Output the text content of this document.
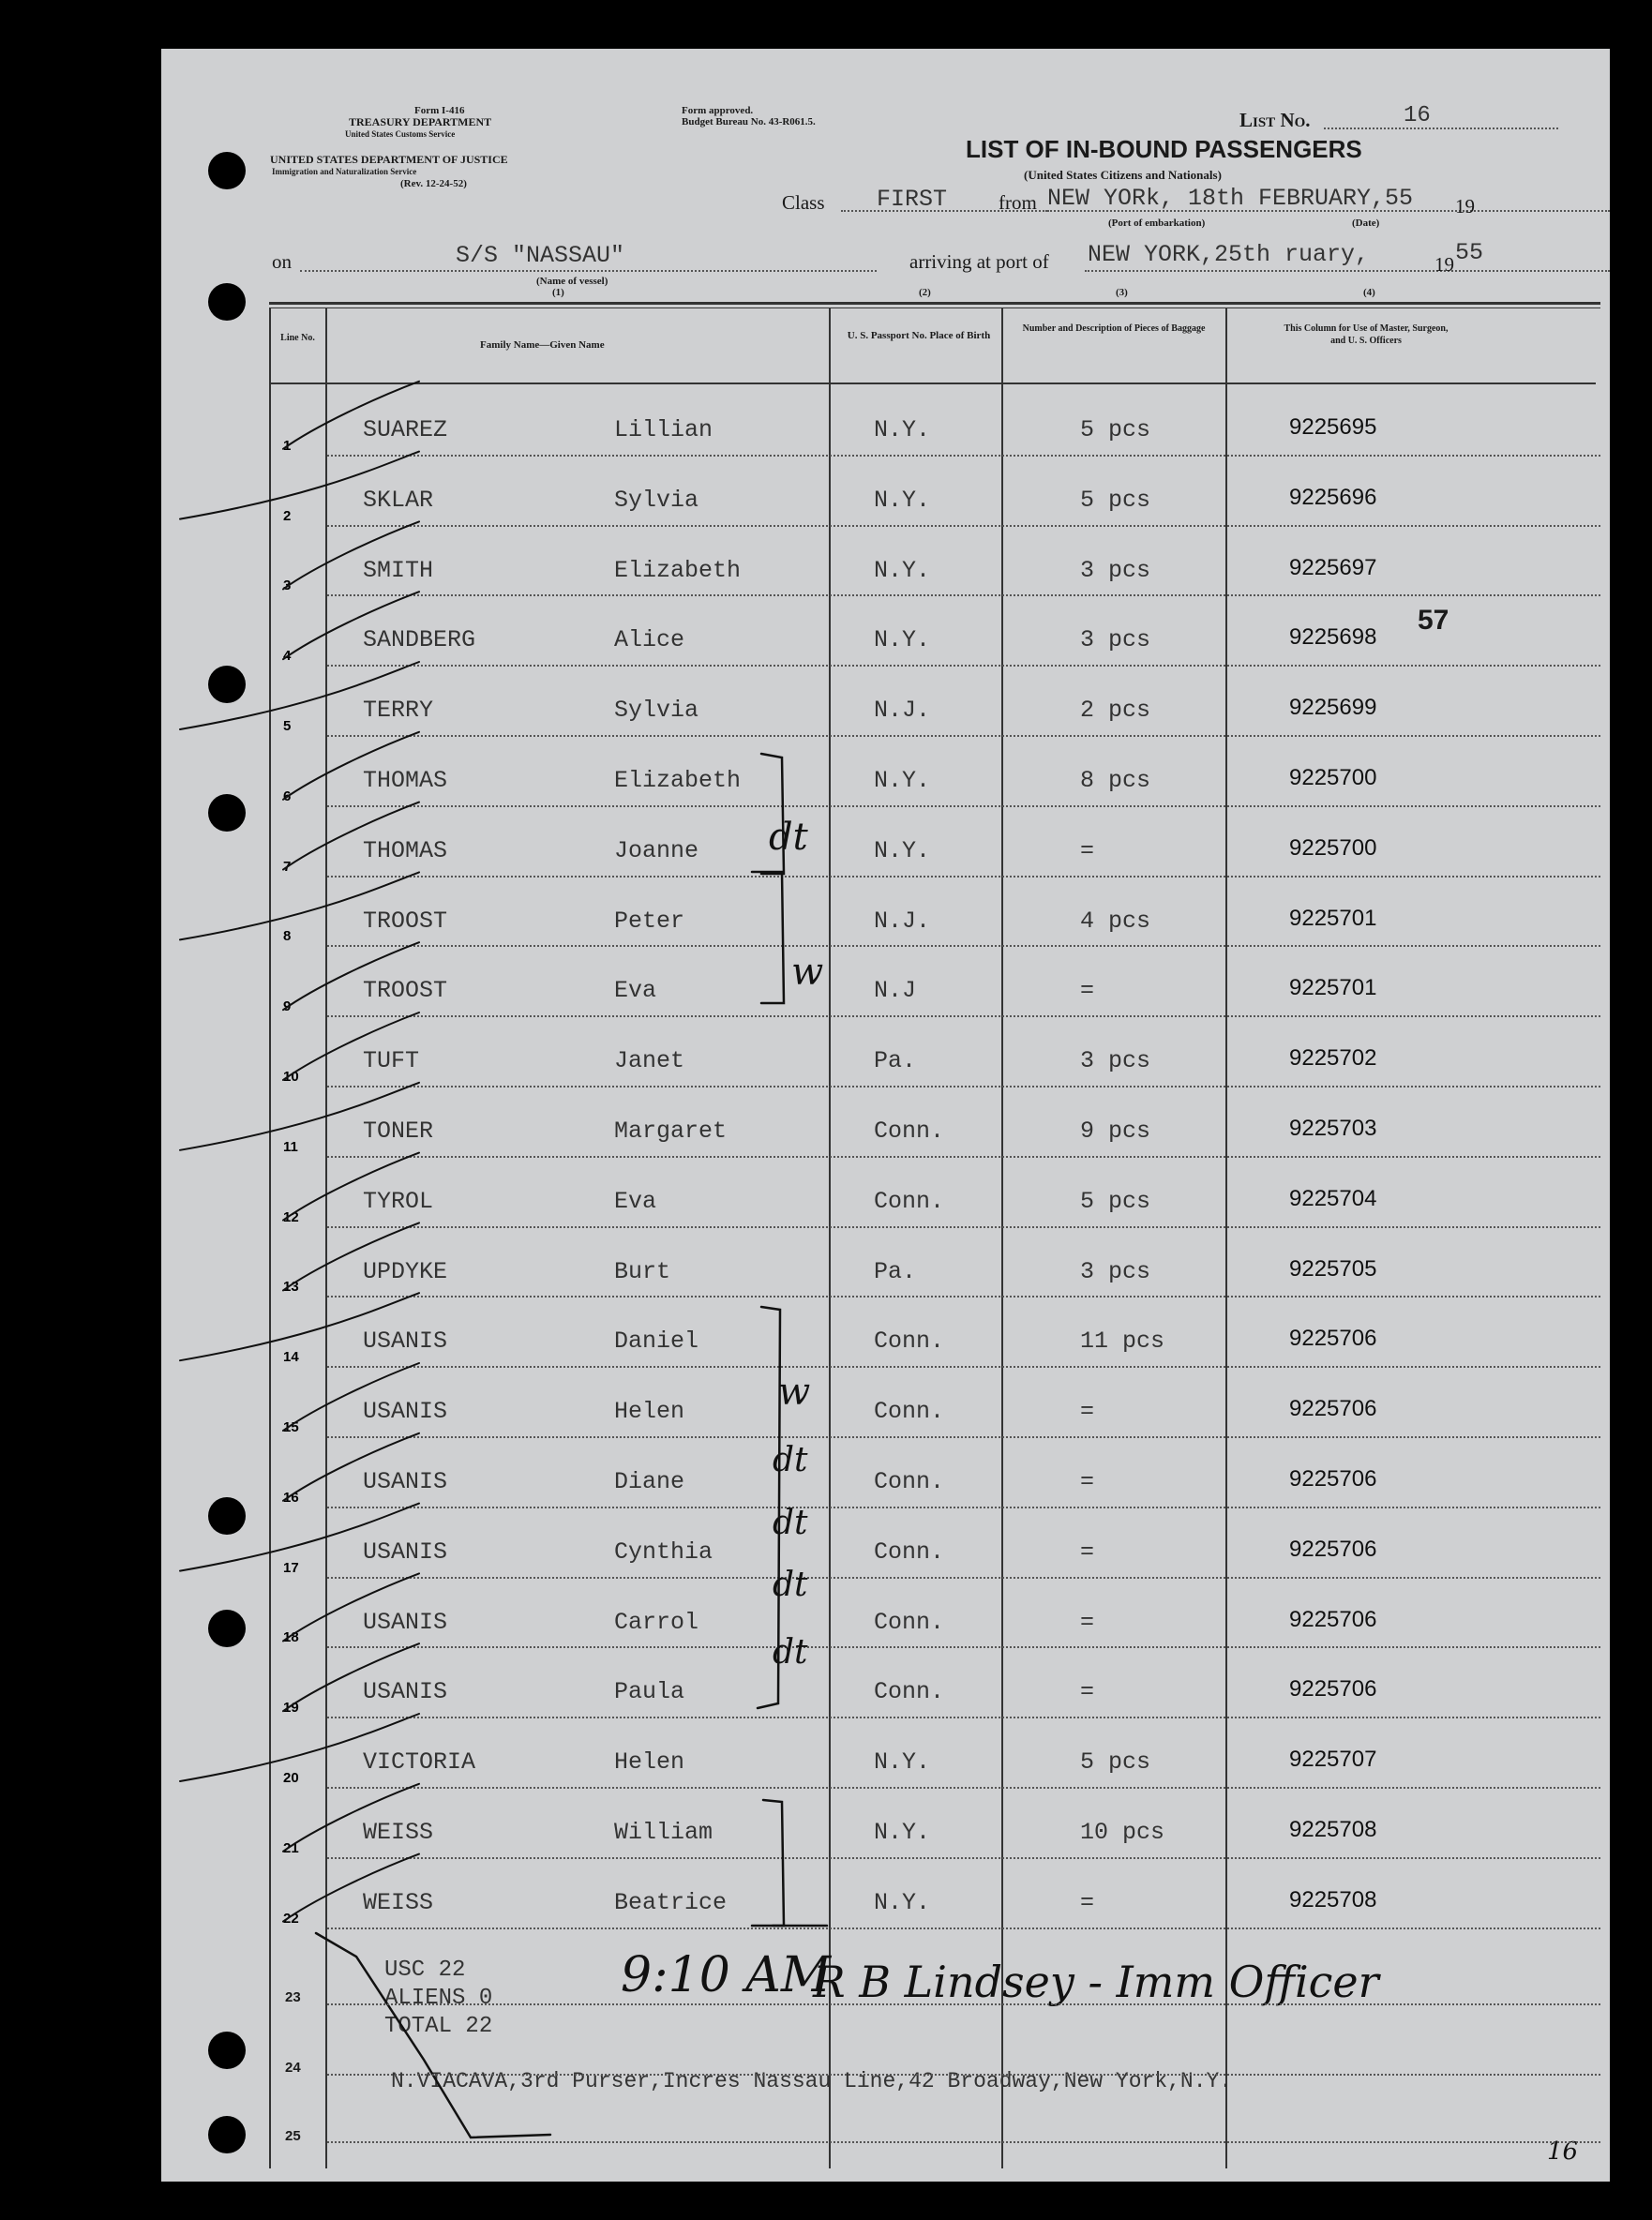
Form I-416
TREASURY DEPARTMENT
United States Customs Service
UNITED STATES DEPARTMENT OF JUSTICE
Immigration and Naturalization Service
(Rev. 12-24-52)
Form approved.
Budget Bureau No. 43-R061.5.	List No.	16
LIST OF IN-BOUND PASSENGERS
(United States Citizens and Nationals)
Class FIRST	from NEW YORk, 18th FEBRUARY,55 19
(Port of embarkation)	(Date)
on	S/S "NASSAU"
(Name of vessel)
(1)
arriving at port of NEW YORK,25th ruary,	19 55
(2)	(3)	(4)
Line No.
Family Name—Given Name
U. S. Passport No. Place of Birth
Number and Description of Pieces of Baggage	This Column for Use of Master, Surgeon, and U. S. Officers
1
SUAREZ	Lillian	N.Y.	5 pcs	9225695
2
SKLAR	Sylvia	N.Y.	5 pcs	9225696
3
SMITH	Elizabeth	N.Y.	3 pcs	9225697
4
SANDBERG	Alice	N.Y.	3 pcs	9225698
5
TERRY	Sylvia	N.J.	2 pcs	9225699
6
THOMAS	Elizabeth	N.Y.	8 pcs	9225700
7
THOMAS	Joanne	N.Y.	=	9225700
8
TROOST	Peter	N.J.	4 pcs	9225701
9
TROOST	Eva	N.J	=	9225701
10
TUFT	Janet	Pa.	3 pcs	9225702
11
TONER	Margaret	Conn.	9 pcs	9225703
12
TYROL	Eva	Conn.	5 pcs	9225704
13
UPDYKE	Burt	Pa.	3 pcs	9225705
14
USANIS	Daniel	Conn.	11 pcs	9225706
15
USANIS	Helen	Conn.	=	9225706
16
USANIS	Diane	Conn.	=	9225706
17
USANIS	Cynthia	Conn.	=	9225706
18
USANIS	Carrol	Conn.	=	9225706
19
USANIS	Paula	Conn.	=	9225706
20
VICTORIA	Helen	N.Y.	5 pcs	9225707
21
WEISS	William	N.Y.	10 pcs	9225708
22
WEISS	Beatrice	N.Y.	=	9225708
23
24
25
USC 22
ALIENS 0
TOTAL 22
N.VIACAVA,3rd Purser,Incres Nassau Line,42 Broadway,New York,N.Y.
9:10 AM
R B Lindsey - Imm Officer
57
16
dt
w
w
dt
dt
dt
dt
